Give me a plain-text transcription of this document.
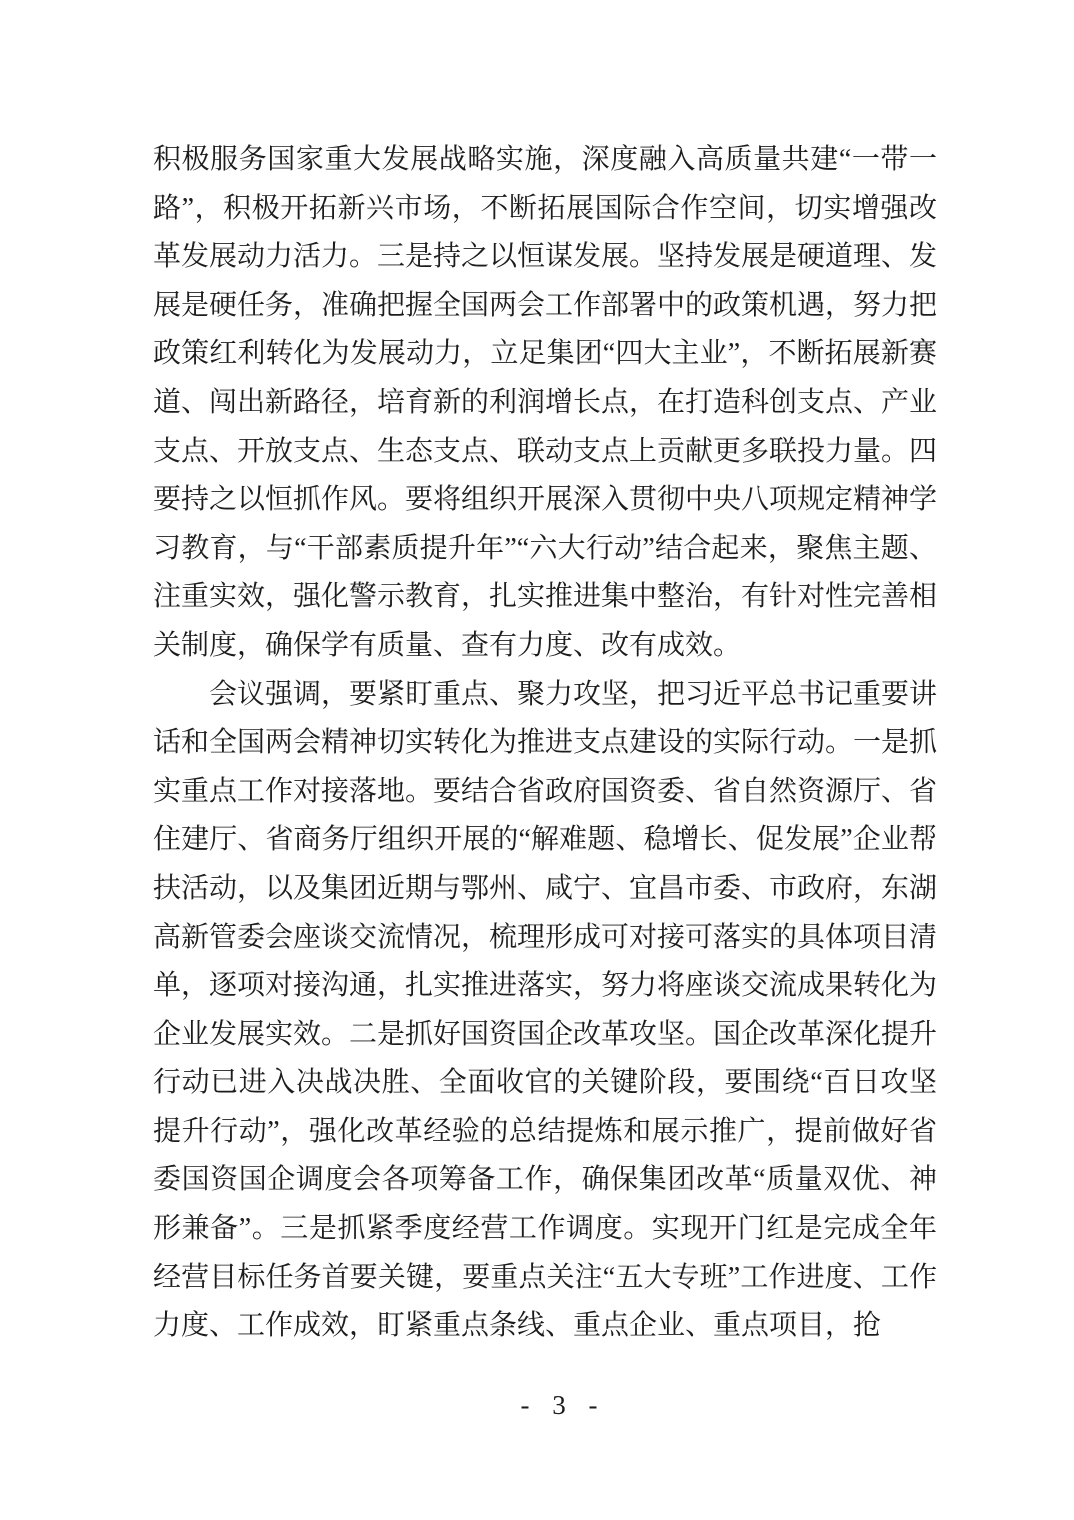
积极服务国家重大发展战略实施，深度融入高质量共建“一带一路”，积极开拓新兴市场，不断拓展国际合作空间，切实增强改革发展动力活力。三是持之以恒谋发展。坚持发展是硬道理、发展是硬任务，准确把握全国两会工作部署中的政策机遇，努力把政策红利转化为发展动力，立足集团“四大主业”，不断拓展新赛道、闯出新路径，培育新的利润增长点，在打造科创支点、产业支点、开放支点、生态支点、联动支点上贡献更多联投力量。四要持之以恒抓作风。要将组织开展深入贯彻中央八项规定精神学习教育，与“干部素质提升年”“六大行动”结合起来，聚焦主题、注重实效，强化警示教育，扎实推进集中整治，有针对性完善相关制度，确保学有质量、查有力度、改有成效。

会议强调，要紧盯重点、聚力攻坚，把习近平总书记重要讲话和全国两会精神切实转化为推进支点建设的实际行动。一是抓实重点工作对接落地。要结合省政府国资委、省自然资源厅、省住建厅、省商务厅组织开展的“解难题、稳增长、促发展”企业帮扶活动，以及集团近期与鄂州、咸宁、宜昌市委、市政府，东湖高新管委会座谈交流情况，梳理形成可对接可落实的具体项目清单，逐项对接沟通，扎实推进落实，努力将座谈交流成果转化为企业发展实效。二是抓好国资国企改革攻坚。国企改革深化提升行动已进入决战决胜、全面收官的关键阶段，要围绕“百日攻坚提升行动”，强化改革经验的总结提炼和展示推广，提前做好省委国资国企调度会各项筹备工作，确保集团改革“质量双优、神形兼备”。三是抓紧季度经营工作调度。实现开门红是完成全年经营目标任务首要关键，要重点关注“五大专班”工作进度、工作力度、工作成效，盯紧重点条线、重点企业、重点项目，抢

- 3 -
